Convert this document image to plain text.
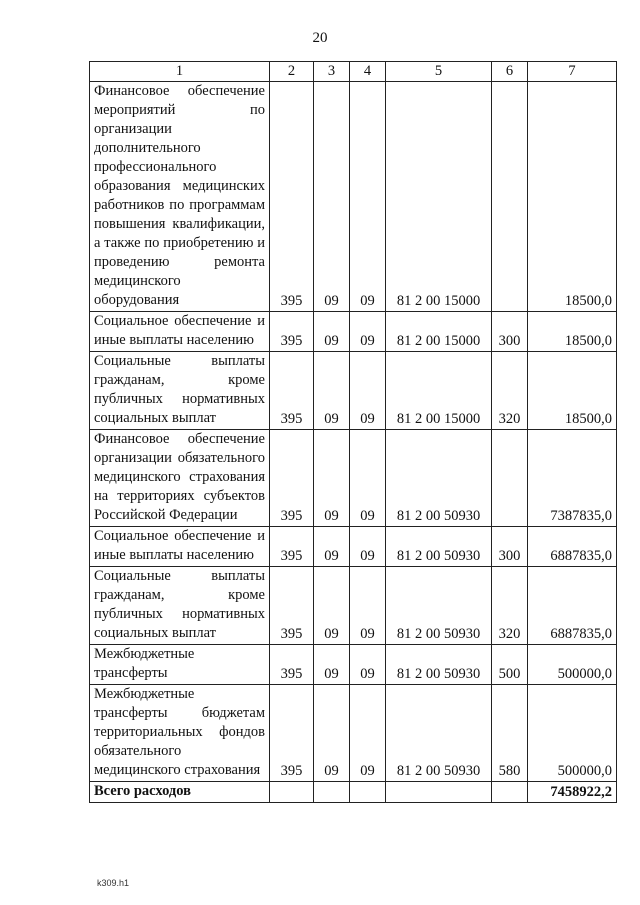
20
1	2	3	4	5	6	7
Финансовое обеспечение мероприятий по организации дополнительного профессионального образования медицинских работников по программам повышения квалификации, а также по приобретению и проведению ремонта медицинского оборудования	395	09	09	81 2 00 15000		18500,0
Социальное обеспечение и иные выплаты населению	395	09	09	81 2 00 15000	300	18500,0
Социальные выплаты гражданам, кроме публичных нормативных социальных выплат	395	09	09	81 2 00 15000	320	18500,0
Финансовое обеспечение организации обязательного медицинского страхования на территориях субъектов Российской Федерации	395	09	09	81 2 00 50930		7387835,0
Социальное обеспечение и иные выплаты населению	395	09	09	81 2 00 50930	300	6887835,0
Социальные выплаты гражданам, кроме публичных нормативных социальных выплат	395	09	09	81 2 00 50930	320	6887835,0
Межбюджетные трансферты	395	09	09	81 2 00 50930	500	500000,0
Межбюджетные трансферты бюджетам территориальных фондов обязательного медицинского страхования	395	09	09	81 2 00 50930	580	500000,0
Всего расходов						7458922,2
k309.h1
